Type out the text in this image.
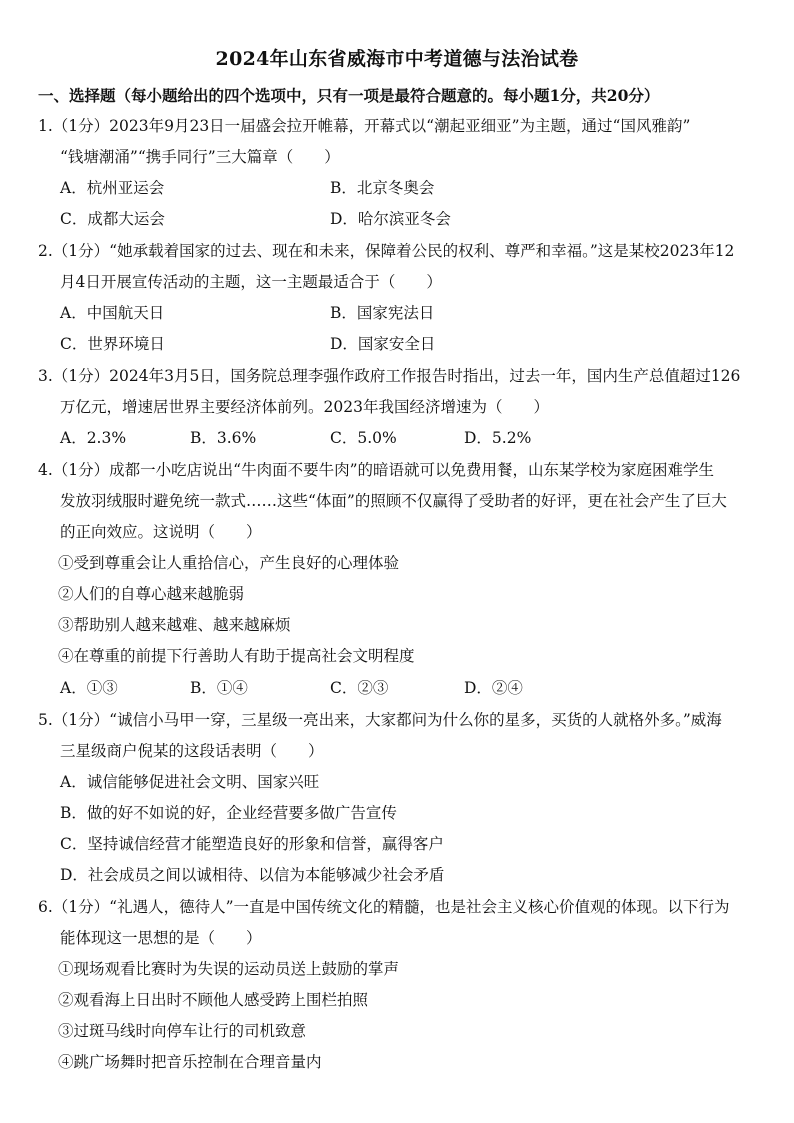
2024年山东省威海市中考道德与法治试卷
一、选择题（每小题给出的四个选项中，只有一项是最符合题意的。每小题1分，共20分）
1.（1分）2023年9月23日一届盛会拉开帷幕，开幕式以“潮起亚细亚”为主题，通过“国风雅韵”
“钱塘潮涌”“携手同行”三大篇章（　　）
A．杭州亚运会	B．北京冬奥会
C．成都大运会	D．哈尔滨亚冬会
2.（1分）“她承载着国家的过去、现在和未来，保障着公民的权利、尊严和幸福。”这是某校2023年12
月4日开展宣传活动的主题，这一主题最适合于（　　）
A．中国航天日	B．国家宪法日
C．世界环境日	D．国家安全日
3.（1分）2024年3月5日，国务院总理李强作政府工作报告时指出，过去一年，国内生产总值超过126
万亿元，增速居世界主要经济体前列。2023年我国经济增速为（　　）
A．2.3%	B．3.6%	C．5.0%	D．5.2%
4.（1分）成都一小吃店说出“牛肉面不要牛肉”的暗语就可以免费用餐，山东某学校为家庭困难学生
发放羽绒服时避免统一款式……这些“体面”的照顾不仅赢得了受助者的好评，更在社会产生了巨大
的正向效应。这说明（　　）
①受到尊重会让人重拾信心，产生良好的心理体验
②人们的自尊心越来越脆弱
③帮助别人越来越难、越来越麻烦
④在尊重的前提下行善助人有助于提高社会文明程度
A．①③	B．①④	C．②③	D．②④
5.（1分）“诚信小马甲一穿，三星级一亮出来，大家都问为什么你的星多，买货的人就格外多。”威海
三星级商户倪某的这段话表明（　　）
A．诚信能够促进社会文明、国家兴旺
B．做的好不如说的好，企业经营要多做广告宣传
C．坚持诚信经营才能塑造良好的形象和信誉，赢得客户
D．社会成员之间以诚相待、以信为本能够减少社会矛盾
6.（1分）“礼遇人，德待人”一直是中国传统文化的精髓，也是社会主义核心价值观的体现。以下行为
能体现这一思想的是（　　）
①现场观看比赛时为失误的运动员送上鼓励的掌声
②观看海上日出时不顾他人感受跨上围栏拍照
③过斑马线时向停车让行的司机致意
④跳广场舞时把音乐控制在合理音量内
